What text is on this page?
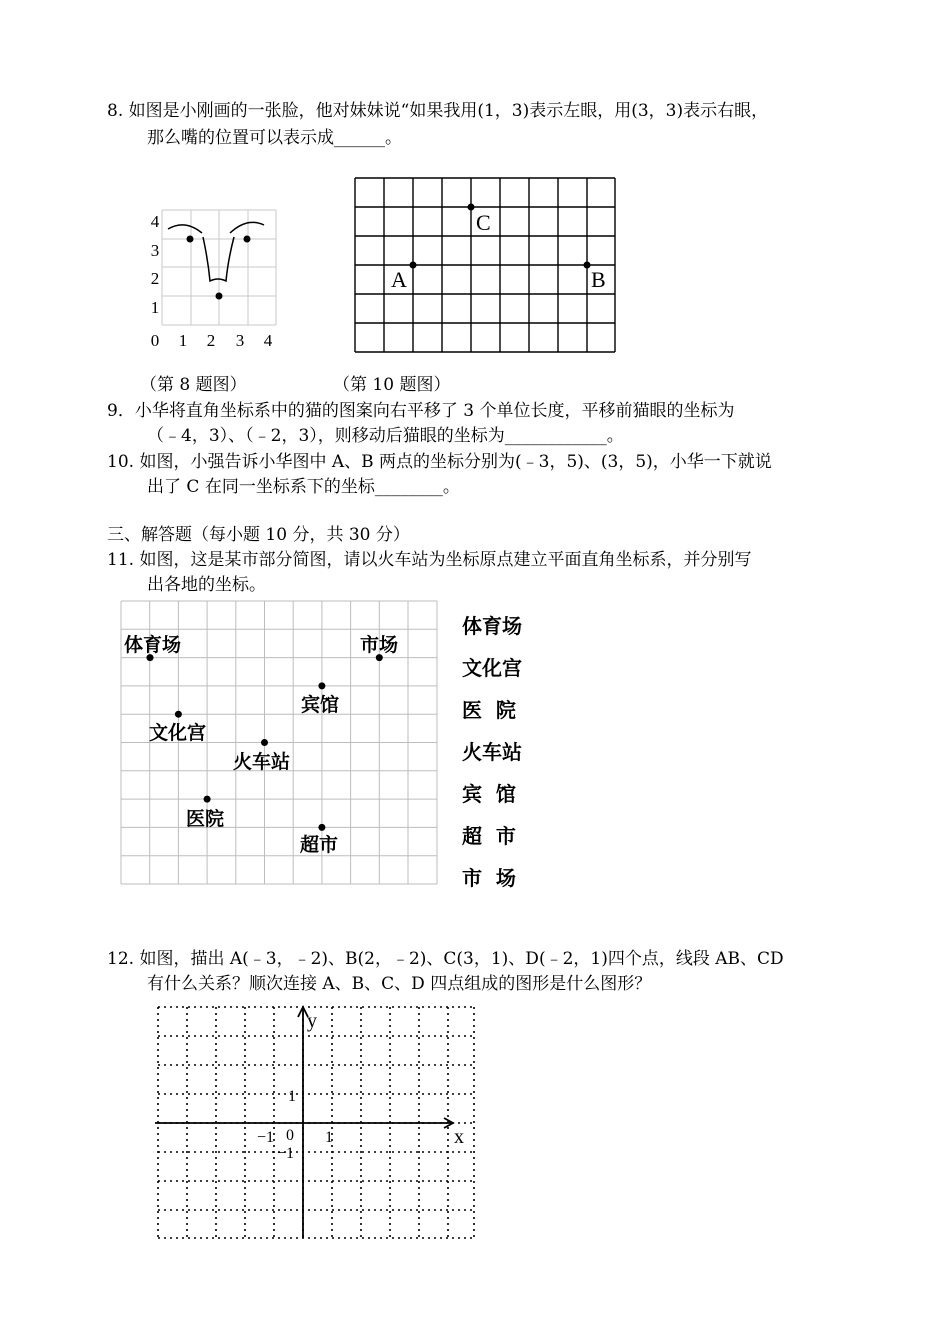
8. 如图是小刚画的一张脸，他对妹妹说“如果我用(1，3)表示左眼，用(3，3)表示右眼，
那么嘴的位置可以表示成______。
0 1 2 3 4
1
2
3
4
A	B
C
（第 8 题图）	（第 10 题图）
9．小华将直角坐标系中的猫的图案向右平移了 3 个单位长度，平移前猫眼的坐标为
（﹣4，3）、（﹣2，3），则移动后猫眼的坐标为____________。
10. 如图，小强告诉小华图中 A、B 两点的坐标分别为(﹣3，5)、(3，5)，小华一下就说
出了 C 在同一坐标系下的坐标________。
三、解答题（每小题 10 分，共 30 分）
11. 如图，这是某市部分简图，请以火车站为坐标原点建立平面直角坐标系，并分别写
出各地的坐标。
体育场	市场
宾馆
文化宫
火车站
医院
超市
体育场
文化宫
医  院
火车站
宾  馆
超  市
市  场
12. 如图，描出 A(﹣3，﹣2)、B(2，﹣2)、C(3，1)、D(﹣2，1)四个点，线段 AB、CD
有什么关系？顺次连接 A、B、C、D 四点组成的图形是什么图形？
x
y
1
−1 0 1
−1
